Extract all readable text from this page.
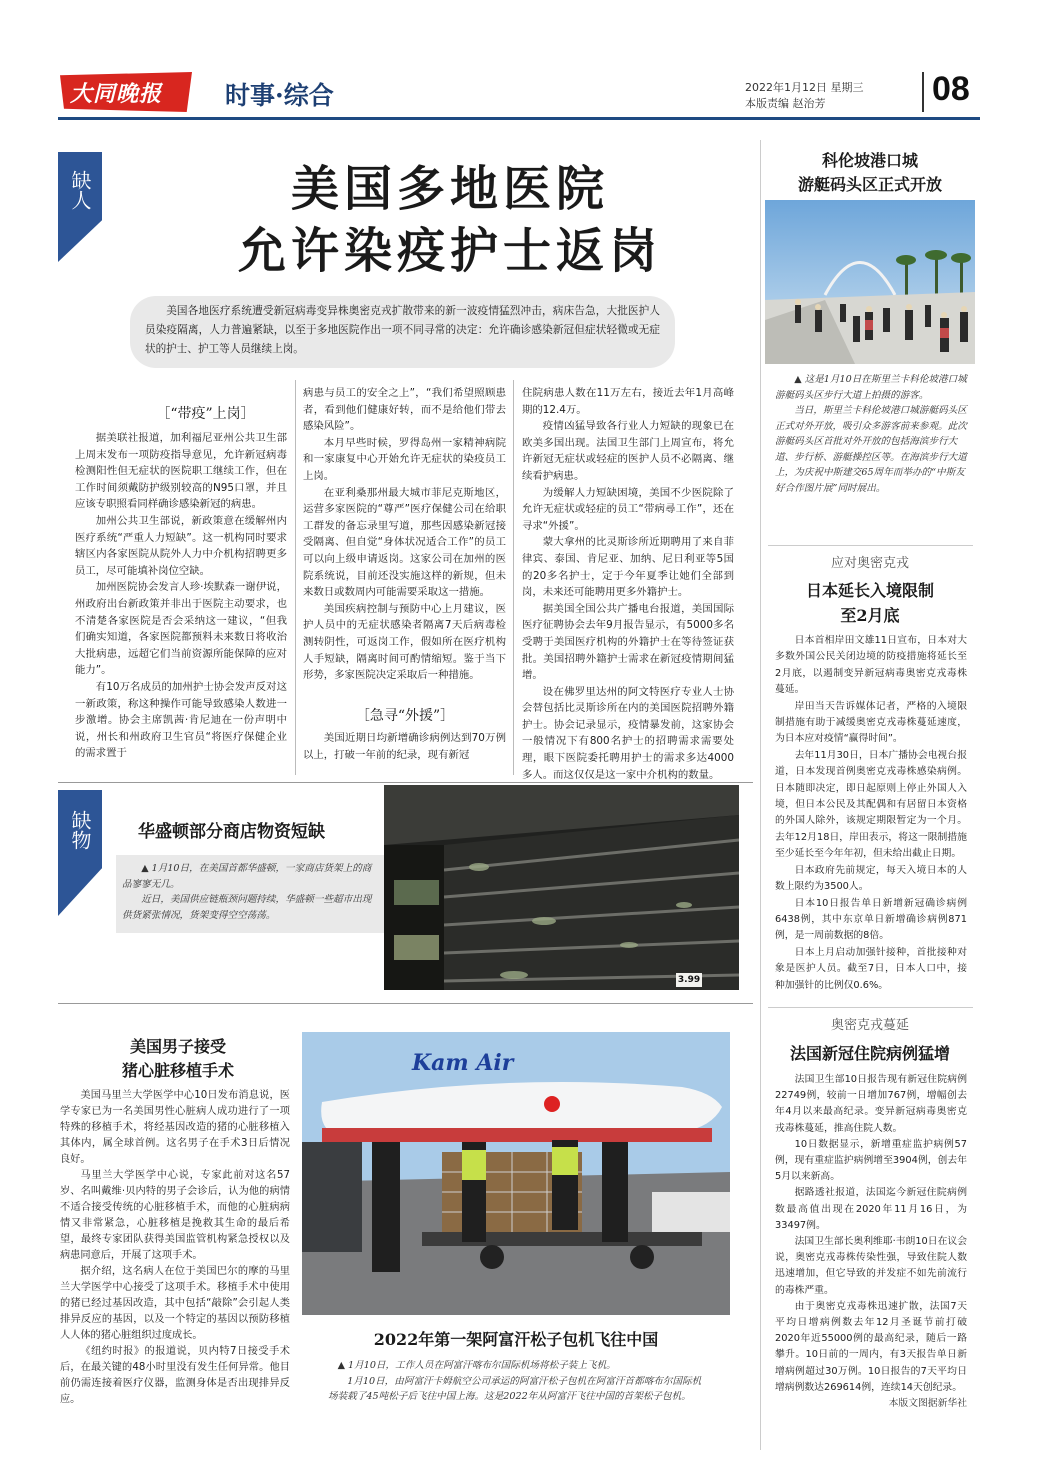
大同晚报	时事·综合	2022年1月12日 星期三
本版责编 赵治芳	08
缺人	美国多地医院
允许染疫护士返岗

美国各地医疗系统遭受新冠病毒变异株奥密克戎扩散带来的新一波疫情猛烈冲击，病床告急，大批医护人员染疫隔离，人力普遍紧缺，以至于多地医院作出一项不同寻常的决定：允许确诊感染新冠但症状轻微或无症状的护士、护工等人员继续上岗。

［“带疫”上岗］

据美联社报道，加利福尼亚州公共卫生部上周末发布一项防疫指导意见，允许新冠病毒检测阳性但无症状的医院职工继续工作，但在工作时间须戴防护级别较高的N95口罩，并且应该专职照看同样确诊感染新冠的病患。

加州公共卫生部说，新政策意在缓解州内医疗系统“严重人力短缺”。这一机构同时要求辖区内各家医院从院外人力中介机构招聘更多员工，尽可能填补岗位空缺。

加州医院协会发言人珍·埃默森一谢伊说，州政府出台新政策并非出于医院主动要求，也不清楚各家医院是否会采纳这一建议，“但我们确实知道，各家医院都预料未来数日将收治大批病患，远超它们当前资源所能保障的应对能力”。

有10万名成员的加州护士协会发声反对这一新政策，称这种操作可能导致感染人数进一步激增。协会主席凯茜·肯尼迪在一份声明中说，州长和州政府卫生官员“将医疗保健企业的需求置于

病患与员工的安全之上”，“我们希望照顾患者，看到他们健康好转，而不是给他们带去感染风险”。

本月早些时候，罗得岛州一家精神病院和一家康复中心开始允许无症状的染疫员工上岗。

在亚利桑那州最大城市菲尼克斯地区，运营多家医院的“尊严”医疗保健公司在给职工群发的备忘录里写道，那些因感染新冠接受隔离、但自觉“身体状况适合工作”的员工可以向上级申请返岗。这家公司在加州的医院系统说，目前还没实施这样的新规，但未来数日或数周内可能需要采取这一措施。

美国疾病控制与预防中心上月建议，医护人员中的无症状感染者隔离7天后病毒检测转阴性，可返岗工作，假如所在医疗机构人手短缺，隔离时间可酌情缩短。鉴于当下形势，多家医院决定采取后一种措施。

［急寻“外援”］

美国近期日均新增确诊病例达到70万例以上，打破一年前的纪录，现有新冠

住院病患人数在11万左右，接近去年1月高峰期的12.4万。

疫情凶猛导致各行业人力短缺的现象已在欧美多国出现。法国卫生部门上周宣布，将允许新冠无症状或轻症的医护人员不必隔离、继续看护病患。

为缓解人力短缺困境，美国不少医院除了允许无症状或轻症的员工“带病尋工作”，还在寻求“外援”。

蒙大拿州的比灵斯诊所近期聘用了来自菲律宾、泰国、肯尼亚、加纳、尼日利亚等5国的20多名护士，定于今年夏季让她们全部到岗，未来还可能聘用更多外籍护士。

据美国全国公共广播电台报道，美国国际医疗征聘协会去年9月报告显示，有5000多名受聘于美国医疗机构的外籍护士在等待签证获批。美国招聘外籍护士需求在新冠疫情期间猛增。

设在佛罗里达州的阿文特医疗专业人士协会替包括比灵斯诊所在内的美国医院招聘外籍护士。协会记录显示，疫情暴发前，这家协会一般情况下有800名护士的招聘需求需要处理，眼下医院委托聘用护士的需求多达4000多人。而这仅仅是这一家中介机构的数量。

缺物	华盛顿部分商店物资短缺
▲ 1月10日，在美国首都华盛顿，一家商店货架上的商品寥寥无几。
近日，美国供应链瓶颈问题持续，华盛顿一些超市出现供货紧张情况，货架变得空空荡荡。
3.99
科伦坡港口城
游艇码头区正式开放
▲ 这是1月10日在斯里兰卡科伦坡港口城游艇码头区步行大道上拍摄的游客。
当日，斯里兰卡科伦坡港口城游艇码头区正式对外开放，吸引众多游客前来参观。此次游艇码头区首批对外开放的包括海滨步行大道、步行桥、游艇操控区等。在海滨步行大道上，为庆祝中斯建交65周年而举办的“中斯友好合作图片展”同时展出。
应对奥密克戎
日本延长入境限制
至2月底

日本首相岸田文雄11日宣布，日本对大多数外国公民关闭边境的防疫措施将延长至2月底，以遏制变异新冠病毒奥密克戎毒株蔓延。

岸田当天告诉媒体记者，严格的入境限制措施有助于减缓奥密克戎毒株蔓延速度，为日本应对疫情“赢得时间”。

去年11月30日，日本广播协会电视台报道，日本发现首例奥密克戎毒株感染病例。日本随即决定，即日起原则上停止外国人入境，但日本公民及其配偶和有居留日本资格的外国人除外，该规定期限暂定为一个月。去年12月18日，岸田表示，将这一限制措施至少延长至今年年初，但未给出截止日期。

日本政府先前规定，每天入境日本的人数上限约为3500人。

日本10日报告单日新增新冠确诊病例6438例，其中东京单日新增确诊病例871例，是一周前数据的8倍。

日本上月启动加强针接种，首批接种对象是医护人员。截至7日，日本人口中，接种加强针的比例仅0.6%。

奥密克戎蔓延
法国新冠住院病例猛增

法国卫生部10日报告现有新冠住院病例22749例，较前一日增加767例，增幅创去年4月以来最高纪录。变异新冠病毒奥密克戎毒株蔓延，推高住院人数。

10日数据显示，新增重症监护病例57例，现有重症监护病例增至3904例，创去年5月以来新高。

据路透社报道，法国迄今新冠住院病例数最高值出现在2020年11月16日，为33497例。

法国卫生部长奥利维耶·韦朗10日在议会说，奥密克戎毒株传染性强，导致住院人数迅速增加，但它导致的并发症不如先前流行的毒株严重。

由于奥密克戎毒株迅速扩散，法国7天平均日增病例数去年12月圣诞节前打破2020年近55000例的最高纪录，随后一路攀升。10日前的一周内，有3天报告单日新增病例超过30万例。10日报告的7天平均日增病例数达269614例，连续14天创纪录。

本版文图据新华社
美国男子接受
猪心脏移植手术

美国马里兰大学医学中心10日发布消息说，医学专家已为一名美国男性心脏病人成功进行了一项特殊的移植手术，将经基因改造的猪的心脏移植入其体内，属全球首例。这名男子在手术3日后情况良好。

马里兰大学医学中心说，专家此前对这名57岁、名叫戴维·贝内特的男子会诊后，认为他的病情不适合接受传统的心脏移植手术，而他的心脏病病情又非常紧急，心脏移植是挽救其生命的最后希望，最终专家团队获得美国监管机构紧急授权以及病患同意后，开展了这项手术。

据介绍，这名病人在位于美国巴尔的摩的马里兰大学医学中心接受了这项手术。移植手术中使用的猪已经过基因改造，其中包括“敲除”会引起人类排异反应的基因，以及一个特定的基因以预防移植人人体的猪心脏组织过度成长。

《纽约时报》的报道说，贝内特7日接受手术后，在最关键的48小时里没有发生任何异常。他目前仍需连接着医疗仪器，监测身体是否出现排异反应。

Kam Air
2022年第一架阿富汗松子包机飞往中国
▲ 1月10日，工作人员在阿富汗喀布尔国际机场将松子装上飞机。
1月10日，由阿富汗卡姆航空公司承运的阿富汗松子包机在阿富汗首都喀布尔国际机场装载了45吨松子后飞往中国上海。这是2022年从阿富汗飞往中国的首架松子包机。
